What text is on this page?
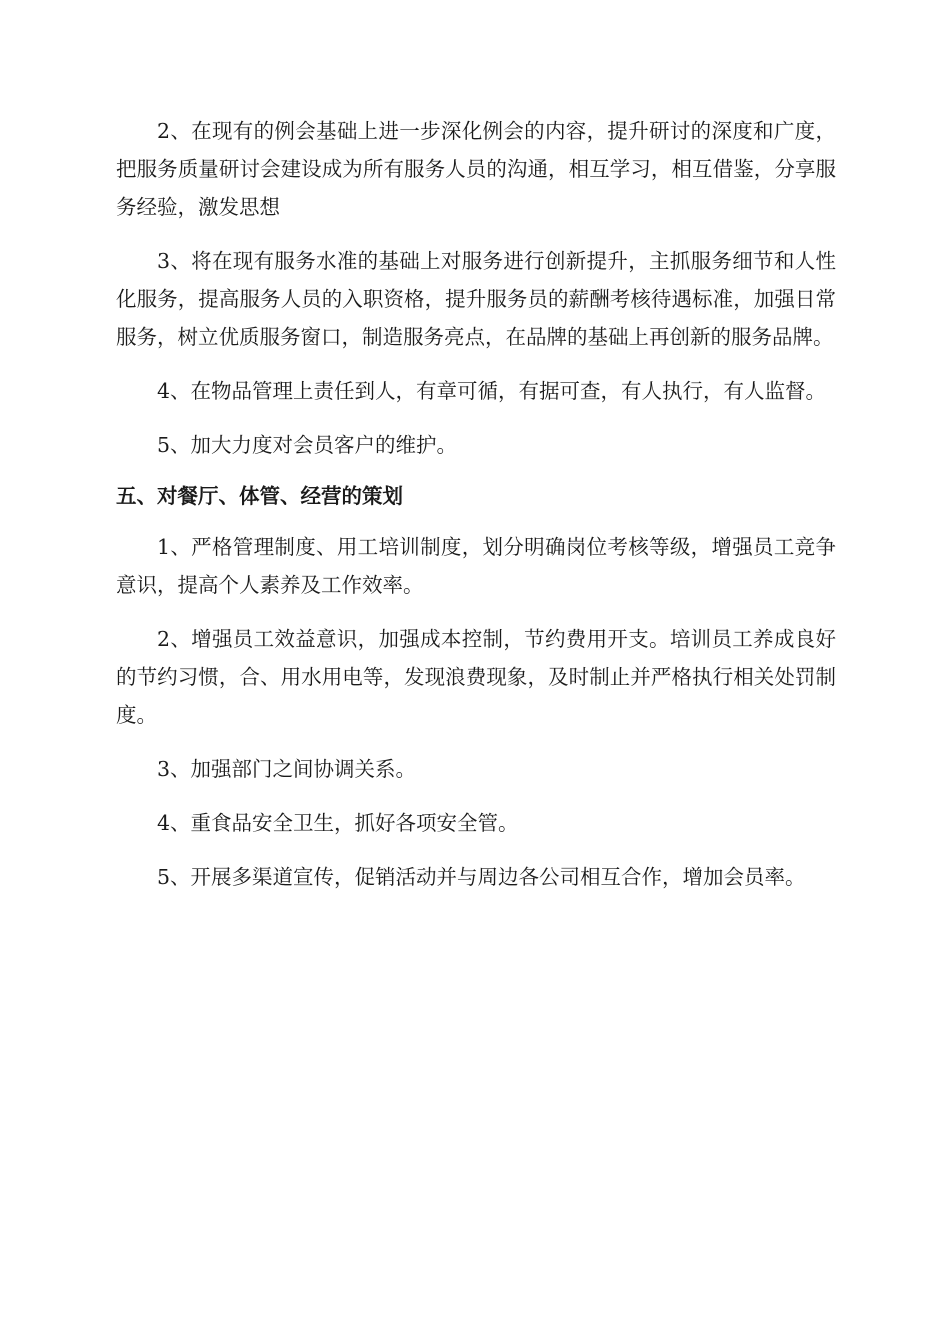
2、在现有的例会基础上进一步深化例会的内容，提升研讨的深度和广度，把服务质量研讨会建设成为所有服务人员的沟通，相互学习，相互借鉴，分享服务经验，激发思想

3、将在现有服务水准的基础上对服务进行创新提升，主抓服务细节和人性化服务，提高服务人员的入职资格，提升服务员的薪酬考核待遇标准，加强日常服务，树立优质服务窗口，制造服务亮点，在品牌的基础上再创新的服务品牌。

4、在物品管理上责任到人，有章可循，有据可查，有人执行，有人监督。

5、加大力度对会员客户的维护。

五、对餐厅、体管、经营的策划

1、严格管理制度、用工培训制度，划分明确岗位考核等级，增强员工竞争意识，提高个人素养及工作效率。

2、增强员工效益意识，加强成本控制，节约费用开支。培训员工养成良好的节约习惯，合、用水用电等，发现浪费现象，及时制止并严格执行相关处罚制度。

3、加强部门之间协调关系。

4、重食品安全卫生，抓好各项安全管。

5、开展多渠道宣传，促销活动并与周边各公司相互合作，增加会员率。
